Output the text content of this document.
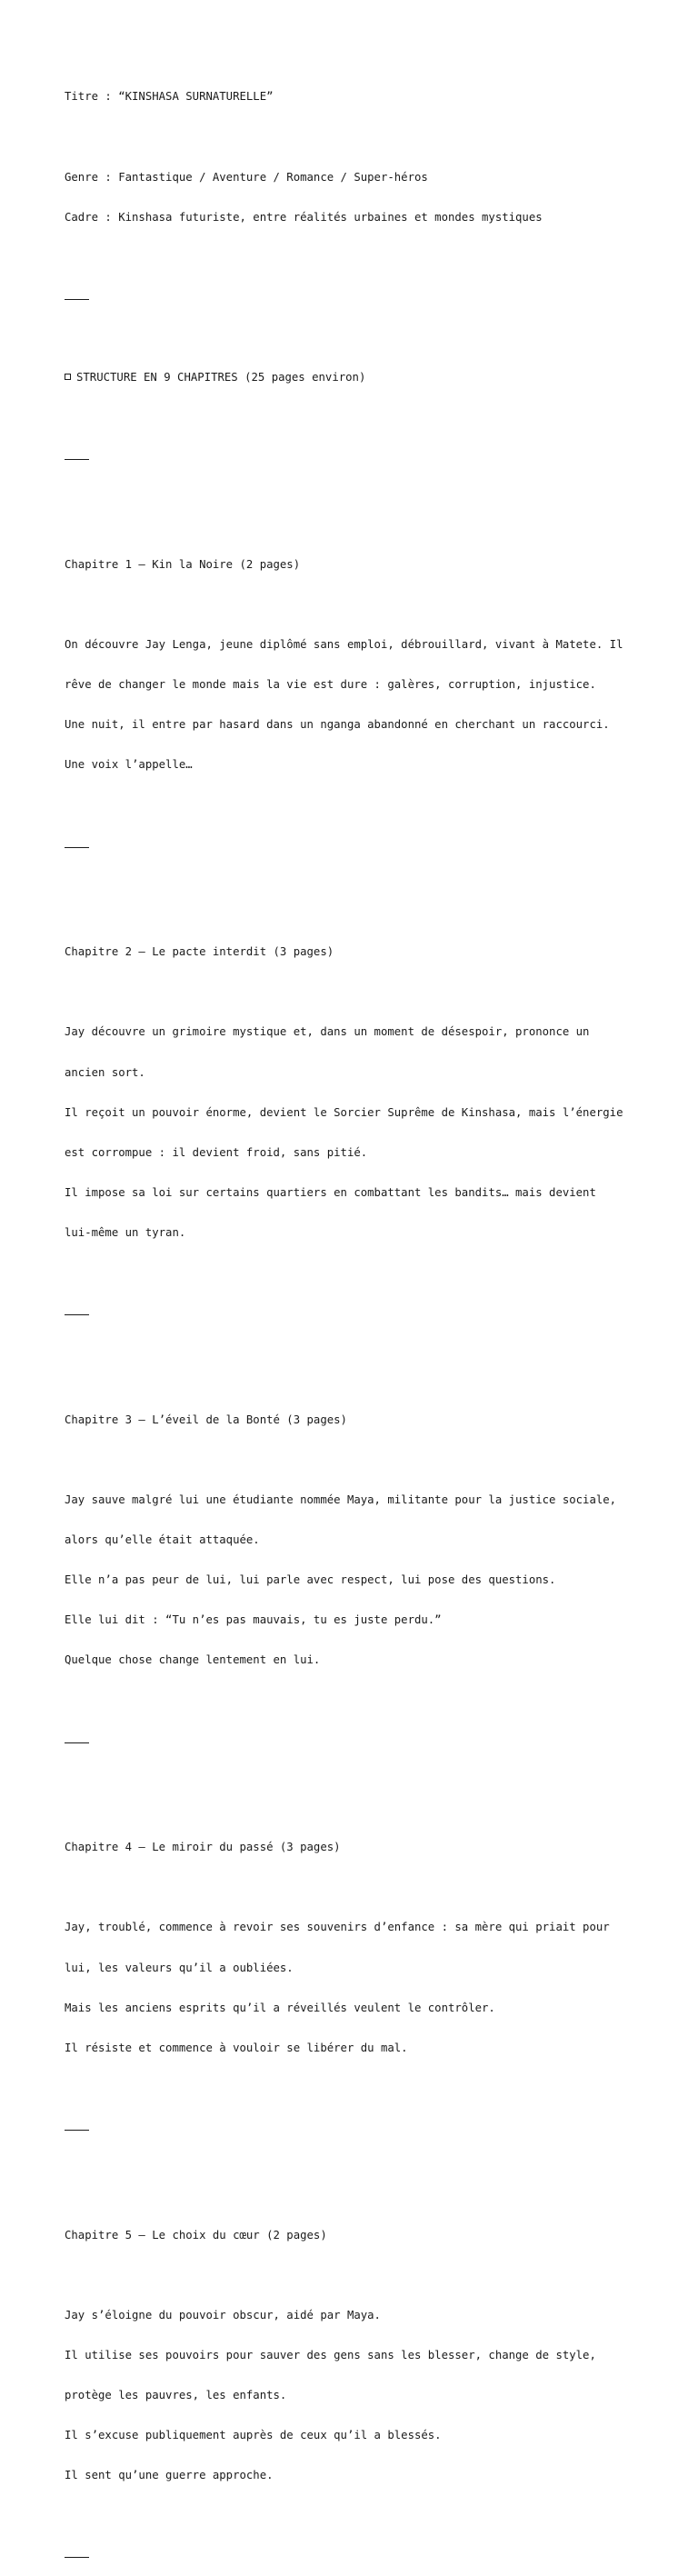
Titre : “KINSHASA SURNATURELLE”

Genre : Fantastique / Aventure / Romance / Super-héros

Cadre : Kinshasa futuriste, entre réalités urbaines et mondes mystiques

STRUCTURE EN 9 CHAPITRES (25 pages environ)

Chapitre 1 – Kin la Noire (2 pages)

On découvre Jay Lenga, jeune diplômé sans emploi, débrouillard, vivant à Matete. Il

rêve de changer le monde mais la vie est dure : galères, corruption, injustice.

Une nuit, il entre par hasard dans un nganga abandonné en cherchant un raccourci.

Une voix l’appelle…

Chapitre 2 – Le pacte interdit (3 pages)

Jay découvre un grimoire mystique et, dans un moment de désespoir, prononce un

ancien sort.

Il reçoit un pouvoir énorme, devient le Sorcier Suprême de Kinshasa, mais l’énergie

est corrompue : il devient froid, sans pitié.

Il impose sa loi sur certains quartiers en combattant les bandits… mais devient

lui-même un tyran.

Chapitre 3 – L’éveil de la Bonté (3 pages)

Jay sauve malgré lui une étudiante nommée Maya, militante pour la justice sociale,

alors qu’elle était attaquée.

Elle n’a pas peur de lui, lui parle avec respect, lui pose des questions.

Elle lui dit : “Tu n’es pas mauvais, tu es juste perdu.”

Quelque chose change lentement en lui.

Chapitre 4 – Le miroir du passé (3 pages)

Jay, troublé, commence à revoir ses souvenirs d’enfance : sa mère qui priait pour

lui, les valeurs qu’il a oubliées.

Mais les anciens esprits qu’il a réveillés veulent le contrôler.

Il résiste et commence à vouloir se libérer du mal.

Chapitre 5 – Le choix du cœur (2 pages)

Jay s’éloigne du pouvoir obscur, aidé par Maya.

Il utilise ses pouvoirs pour sauver des gens sans les blesser, change de style,

protège les pauvres, les enfants.

Il s’excuse publiquement auprès de ceux qu’il a blessés.

Il sent qu’une guerre approche.
